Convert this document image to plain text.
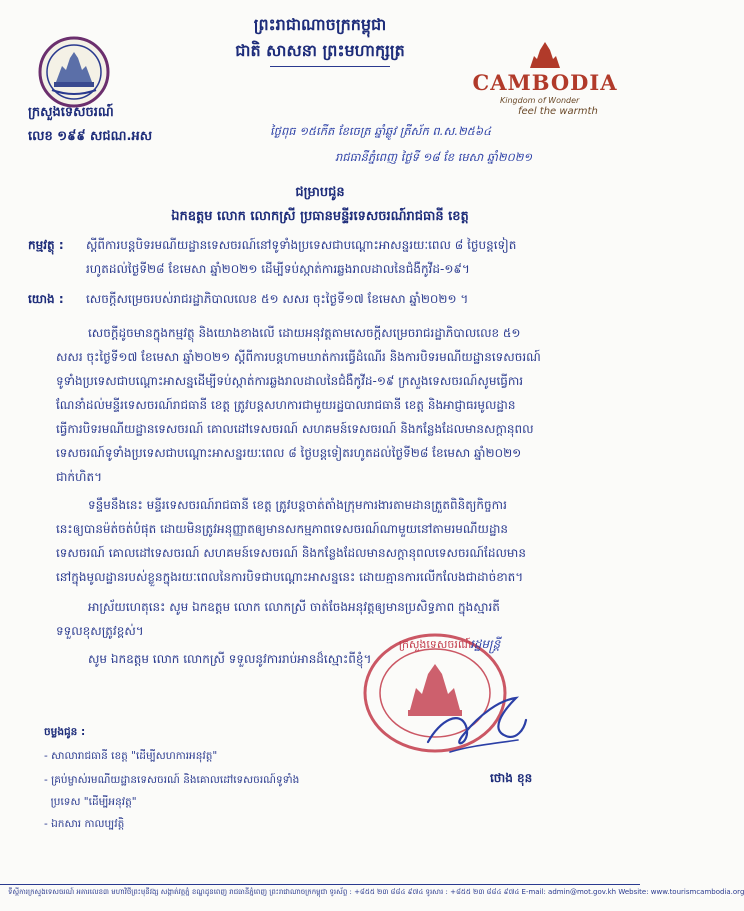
CAMBODIA
Kingdom of Wonder
feel the warmth
ព្រះរាជាណាចក្រកម្ពុជា
ជាតិ សាសនា ព្រះមហាក្សត្រ
ក្រសួងទេសចរណ៍
លេខ ១៩៩ សជណ.អស	ថ្ងៃពុធ ១៥កើត ខែចេត្រ ឆ្នាំឆ្លូវ ត្រីស័ក ព.ស.២៥៦៤
រាជធានីភ្នំពេញ ថ្ងៃទី ១៨ ខែ មេសា ឆ្នាំ២០២១
ជម្រាបជូន
ឯកឧត្តម លោក លោកស្រី ប្រធានមន្ទីរទេសចរណ៍រាជធានី ខេត្ត
កម្មវត្ថុ : ស្តីពីការបន្តបិទរមណីយដ្ឋានទេសចរណ៍នៅទូទាំងប្រទេសជាបណ្តោះអាសន្នរយៈពេល ៨ ថ្ងៃបន្តទៀត
រហូតដល់ថ្ងៃទី២៨ ខែមេសា ឆ្នាំ២០២១ ដើម្បីទប់ស្កាត់ការឆ្លងរាលដាលនៃជំងឺកូវីដ-១៩។
យោង : សេចក្តីសម្រេចរបស់រាជរដ្ឋាភិបាលលេខ ៥១ សសរ ចុះថ្ងៃទី១៧ ខែមេសា ឆ្នាំ២០២១ ។
សេចក្តីដូចមានក្នុងកម្មវត្ថុ និងយោងខាងលើ ដោយអនុវត្តតាមសេចក្តីសម្រេចរាជរដ្ឋាភិបាលលេខ ៥១
សសរ ចុះថ្ងៃទី១៧ ខែមេសា ឆ្នាំ២០២១ ស្តីពីការបន្តហាមឃាត់ការធ្វើដំណើរ និងការបិទរមណីយដ្ឋានទេសចរណ៍
ទូទាំងប្រទេសជាបណ្តោះអាសន្នដើម្បីទប់ស្កាត់ការឆ្លងរាលដាលនៃជំងឺកូវីដ-១៩ ក្រសួងទេសចរណ៍សូមធ្វើការ
ណែនាំដល់មន្ទីរទេសចរណ៍រាជធានី ខេត្ត ត្រូវបន្តសហការជាមួយរដ្ឋបាលរាជធានី ខេត្ត និងអាជ្ញាធរមូលដ្ឋាន
ធ្វើការបិទរមណីយដ្ឋានទេសចរណ៍ គោលដៅទេសចរណ៍ សហគមន៍ទេសចរណ៍ និងកន្លែងដែលមានសក្តានុពល
ទេសចរណ៍ទូទាំងប្រទេសជាបណ្តោះអាសន្នរយៈពេល ៨ ថ្ងៃបន្តទៀតរហូតដល់ថ្ងៃទី២៨ ខែមេសា ឆ្នាំ២០២១
ជាក់ហិត។
ទន្ទឹមនឹងនេះ មន្ទីរទេសចរណ៍រាជធានី ខេត្ត ត្រូវបន្តចាត់តាំងក្រុមការងារតាមដានត្រួតពិនិត្យកិច្ចការ
នេះឲ្យបានម៉ត់ចត់បំផុត ដោយមិនត្រូវអនុញ្ញាតឲ្យមានសកម្មភាពទេសចរណ៍ណាមួយនៅតាមរមណីយដ្ឋាន
ទេសចរណ៍ គោលដៅទេសចរណ៍ សហគមន៍ទេសចរណ៍ និងកន្លែងដែលមានសក្តានុពលទេសចរណ៍ដែលមាន
នៅក្នុងមូលដ្ឋានរបស់ខ្លួនក្នុងរយៈពេលនៃការបិទជាបណ្តោះអាសន្ននេះ ដោយគ្មានការលើកលែងជាដាច់ខាត។
អាស្រ័យហេតុនេះ សូម ឯកឧត្តម លោក លោកស្រី ចាត់ចែងអនុវត្តឲ្យមានប្រសិទ្ធភាព ក្នុងស្មារតី
ទទួលខុសត្រូវខ្ពស់។
សូម ឯកឧត្តម លោក លោកស្រី ទទួលនូវការរាប់អានដ៏ស្មោះពីខ្ញុំ។
ក្រសួងទេសចរណ៍
រដ្ឋមន្ត្រី
ថោង ខុន
ចម្លងជូន :
- សាលារាជធានី ខេត្ត "ដើម្បីសហការអនុវត្ត"
- គ្រប់ម្ចាស់រមណីយដ្ឋានទេសចរណ៍ និងគោលដៅទេសចរណ៍ទូទាំង
ប្រទេស "ដើម្បីអនុវត្ត"
- ឯកសារ កាលប្បវត្តិ
ទីស្តីការក្រសួងទេសចរណ៍ អគារលេខ៣ មហាវិថីព្រះមុនីវង្ស សង្កាត់វត្តភ្នំ ខណ្ឌដូនពេញ រាជធានីភ្នំពេញ ព្រះរាជាណាចក្រកម្ពុជា ទូរស័ព្ទ : +៨៥៥ ២៣ ៨៨៤ ៩៧៤ ទូរសារ : +៨៥៥ ២៣ ៨៨៤ ៩៧៤ E-mail: admin@mot.gov.kh Website: www.tourismcambodia.org
